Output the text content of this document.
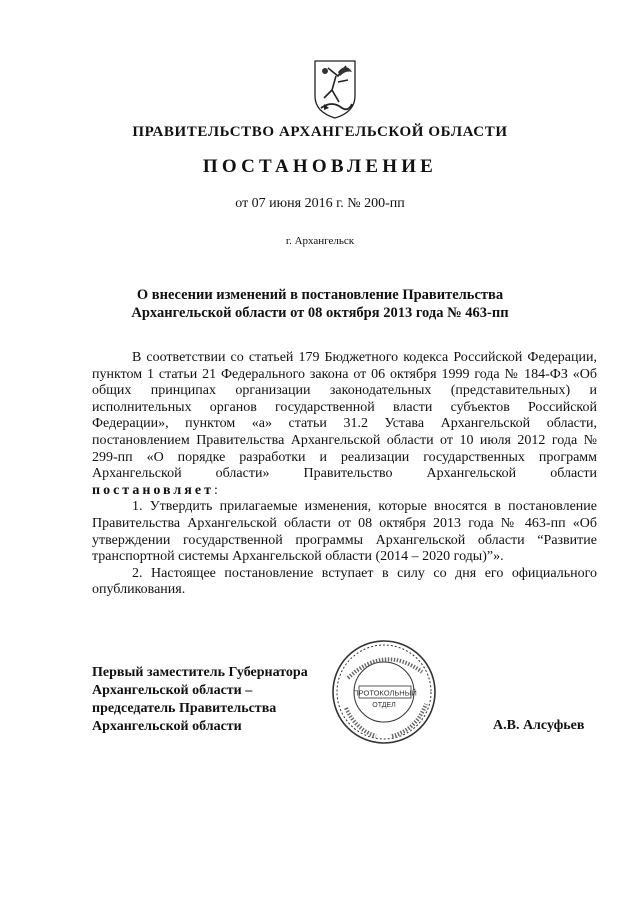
ПРАВИТЕЛЬСТВО АРХАНГЕЛЬСКОЙ ОБЛАСТИ
ПОСТАНОВЛЕНИЕ
от 07 июня 2016 г. № 200-пп
г. Архангельск
О внесении изменений в постановление Правительства
Архангельской области от 08 октября 2013 года № 463-пп

В соответствии со статьей 179 Бюджетного кодекса Российской Федерации, пунктом 1 статьи 21 Федерального закона от 06 октября 1999 года № 184-ФЗ «Об общих принципах организации законодательных (представительных) и исполнительных органов государственной власти субъектов Российской Федерации», пунктом «а» статьи 31.2 Устава Архангельской области, постановлением Правительства Архангельской области от 10 июля 2012 года № 299-пп «О порядке разработки и реализации государственных программ Архангельской области» Правительство Архангельской области постановляет:

1. Утвердить прилагаемые изменения, которые вносятся в постановление Правительства Архангельской области от 08 октября 2013 года № 463-пп «Об утверждении государственной программы Архангельской области “Развитие транспортной системы Архангельской области (2014 – 2020 годы)”».

2. Настоящее постановление вступает в силу со дня его официального опубликования.

Первый заместитель Губернатора
Архангельской области –
председатель Правительства
Архангельской области
ПРОТОКОЛЬНЫЙ
ОТДЕЛ
А.В. Алсуфьев
